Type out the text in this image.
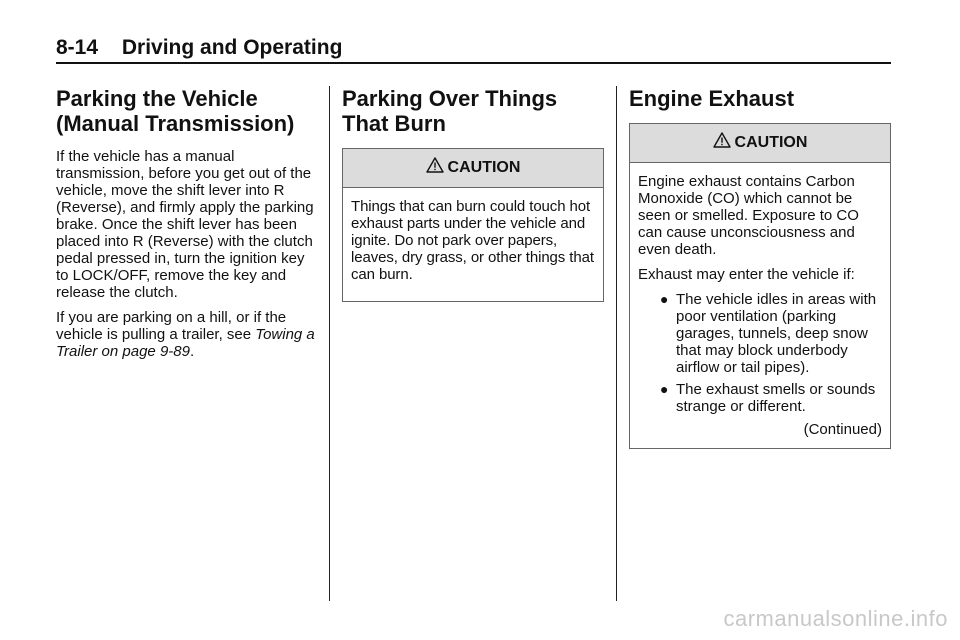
8-14 Driving and Operating
Parking the Vehicle (Manual Transmission)

If the vehicle has a manual transmission, before you get out of the vehicle, move the shift lever into R (Reverse), and firmly apply the parking brake. Once the shift lever has been placed into R (Reverse) with the clutch pedal pressed in, turn the ignition key to LOCK/OFF, remove the key and release the clutch.

If you are parking on a hill, or if the vehicle is pulling a trailer, see Towing a Trailer on page 9‑89.

Parking Over Things That Burn
CAUTION

Things that can burn could touch hot exhaust parts under the vehicle and ignite. Do not park over papers, leaves, dry grass, or other things that can burn.

Engine Exhaust
CAUTION

Engine exhaust contains Carbon Monoxide (CO) which cannot be seen or smelled. Exposure to CO can cause unconsciousness and even death.

Exhaust may enter the vehicle if:

● The vehicle idles in areas with poor ventilation (parking garages, tunnels, deep snow that may block underbody airflow or tail pipes).
● The exhaust smells or sounds strange or different.
(Continued)
carmanualsonline.info
